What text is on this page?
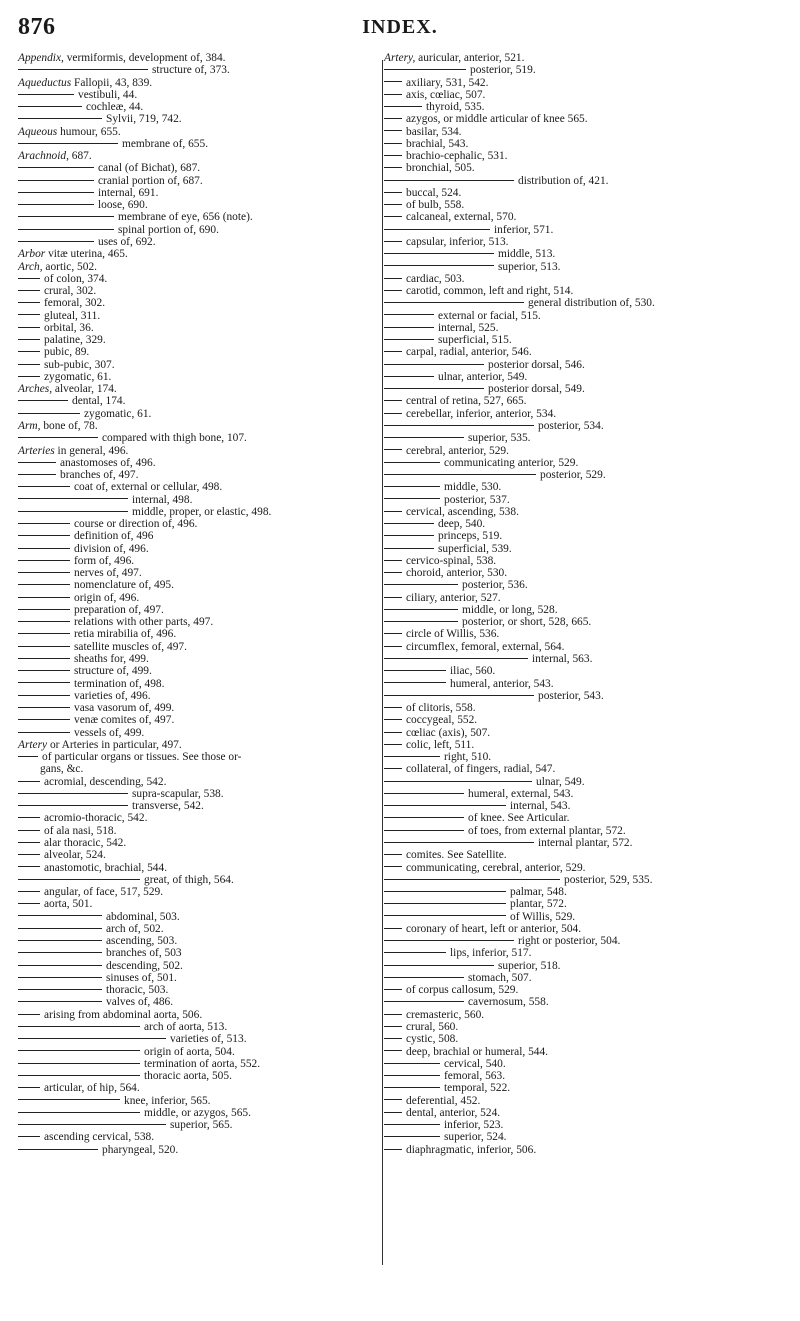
876	INDEX.
Appendix, vermiformis, development of, 384.
structure of, 373.
Aqueductus Fallopii, 43, 839.
vestibuli, 44.
cochleæ, 44.
Sylvii, 719, 742.
Aqueous humour, 655.
membrane of, 655.
Arachnoid, 687.
canal (of Bichat), 687.
cranial portion of, 687.
internal, 691.
loose, 690.
membrane of eye, 656 (note).
spinal portion of, 690.
uses of, 692.
Arbor vitæ uterina, 465.
Arch, aortic, 502.
of colon, 374.
crural, 302.
femoral, 302.
gluteal, 311.
orbital, 36.
palatine, 329.
pubic, 89.
sub-pubic, 307.
zygomatic, 61.
Arches, alveolar, 174.
dental, 174.
zygomatic, 61.
Arm, bone of, 78.
compared with thigh bone, 107.
Arteries in general, 496.
anastomoses of, 496.
branches of, 497.
coat of, external or cellular, 498.
internal, 498.
middle, proper, or elastic, 498.
course or direction of, 496.
definition of, 496
division of, 496.
form of, 496.
nerves of, 497.
nomenclature of, 495.
origin of, 496.
preparation of, 497.
relations with other parts, 497.
retia mirabilia of, 496.
satellite muscles of, 497.
sheaths for, 499.
structure of, 499.
termination of, 498.
varieties of, 496.
vasa vasorum of, 499.
venæ comites of, 497.
vessels of, 499.
Artery or Arteries in particular, 497.
of particular organs or tissues. See those or-
gans, &c.
acromial, descending, 542.
supra-scapular, 538.
transverse, 542.
acromio-thoracic, 542.
of ala nasi, 518.
alar thoracic, 542.
alveolar, 524.
anastomotic, brachial, 544.
great, of thigh, 564.
angular, of face, 517, 529.
aorta, 501.
abdominal, 503.
arch of, 502.
ascending, 503.
branches of, 503
descending, 502.
sinuses of, 501.
thoracic, 503.
valves of, 486.
arising from abdominal aorta, 506.
arch of aorta, 513.
varieties of, 513.
origin of aorta, 504.
termination of aorta, 552.
thoracic aorta, 505.
articular, of hip, 564.
knee, inferior, 565.
middle, or azygos, 565.
superior, 565.
ascending cervical, 538.
pharyngeal, 520.
Artery, auricular, anterior, 521.
posterior, 519.
axiliary, 531, 542.
axis, cœliac, 507.
thyroid, 535.
azygos, or middle articular of knee 565.
basilar, 534.
brachial, 543.
brachio-cephalic, 531.
bronchial, 505.
distribution of, 421.
buccal, 524.
of bulb, 558.
calcaneal, external, 570.
inferior, 571.
capsular, inferior, 513.
middle, 513.
superior, 513.
cardiac, 503.
carotid, common, left and right, 514.
general distribution of, 530.
external or facial, 515.
internal, 525.
superficial, 515.
carpal, radial, anterior, 546.
posterior dorsal, 546.
ulnar, anterior, 549.
posterior dorsal, 549.
central of retina, 527, 665.
cerebellar, inferior, anterior, 534.
posterior, 534.
superior, 535.
cerebral, anterior, 529.
communicating anterior, 529.
posterior, 529.
middle, 530.
posterior, 537.
cervical, ascending, 538.
deep, 540.
princeps, 519.
superficial, 539.
cervico-spinal, 538.
choroid, anterior, 530.
posterior, 536.
ciliary, anterior, 527.
middle, or long, 528.
posterior, or short, 528, 665.
circle of Willis, 536.
circumflex, femoral, external, 564.
internal, 563.
iliac, 560.
humeral, anterior, 543.
posterior, 543.
of clitoris, 558.
coccygeal, 552.
cœliac (axis), 507.
colic, left, 511.
right, 510.
collateral, of fingers, radial, 547.
ulnar, 549.
humeral, external, 543.
internal, 543.
of knee. See Articular.
of toes, from external plantar, 572.
internal plantar, 572.
comites. See Satellite.
communicating, cerebral, anterior, 529.
posterior, 529, 535.
palmar, 548.
plantar, 572.
of Willis, 529.
coronary of heart, left or anterior, 504.
right or posterior, 504.
lips, inferior, 517.
superior, 518.
stomach, 507.
of corpus callosum, 529.
cavernosum, 558.
cremasteric, 560.
crural, 560.
cystic, 508.
deep, brachial or humeral, 544.
cervical, 540.
femoral, 563.
temporal, 522.
deferential, 452.
dental, anterior, 524.
inferior, 523.
superior, 524.
diaphragmatic, inferior, 506.
